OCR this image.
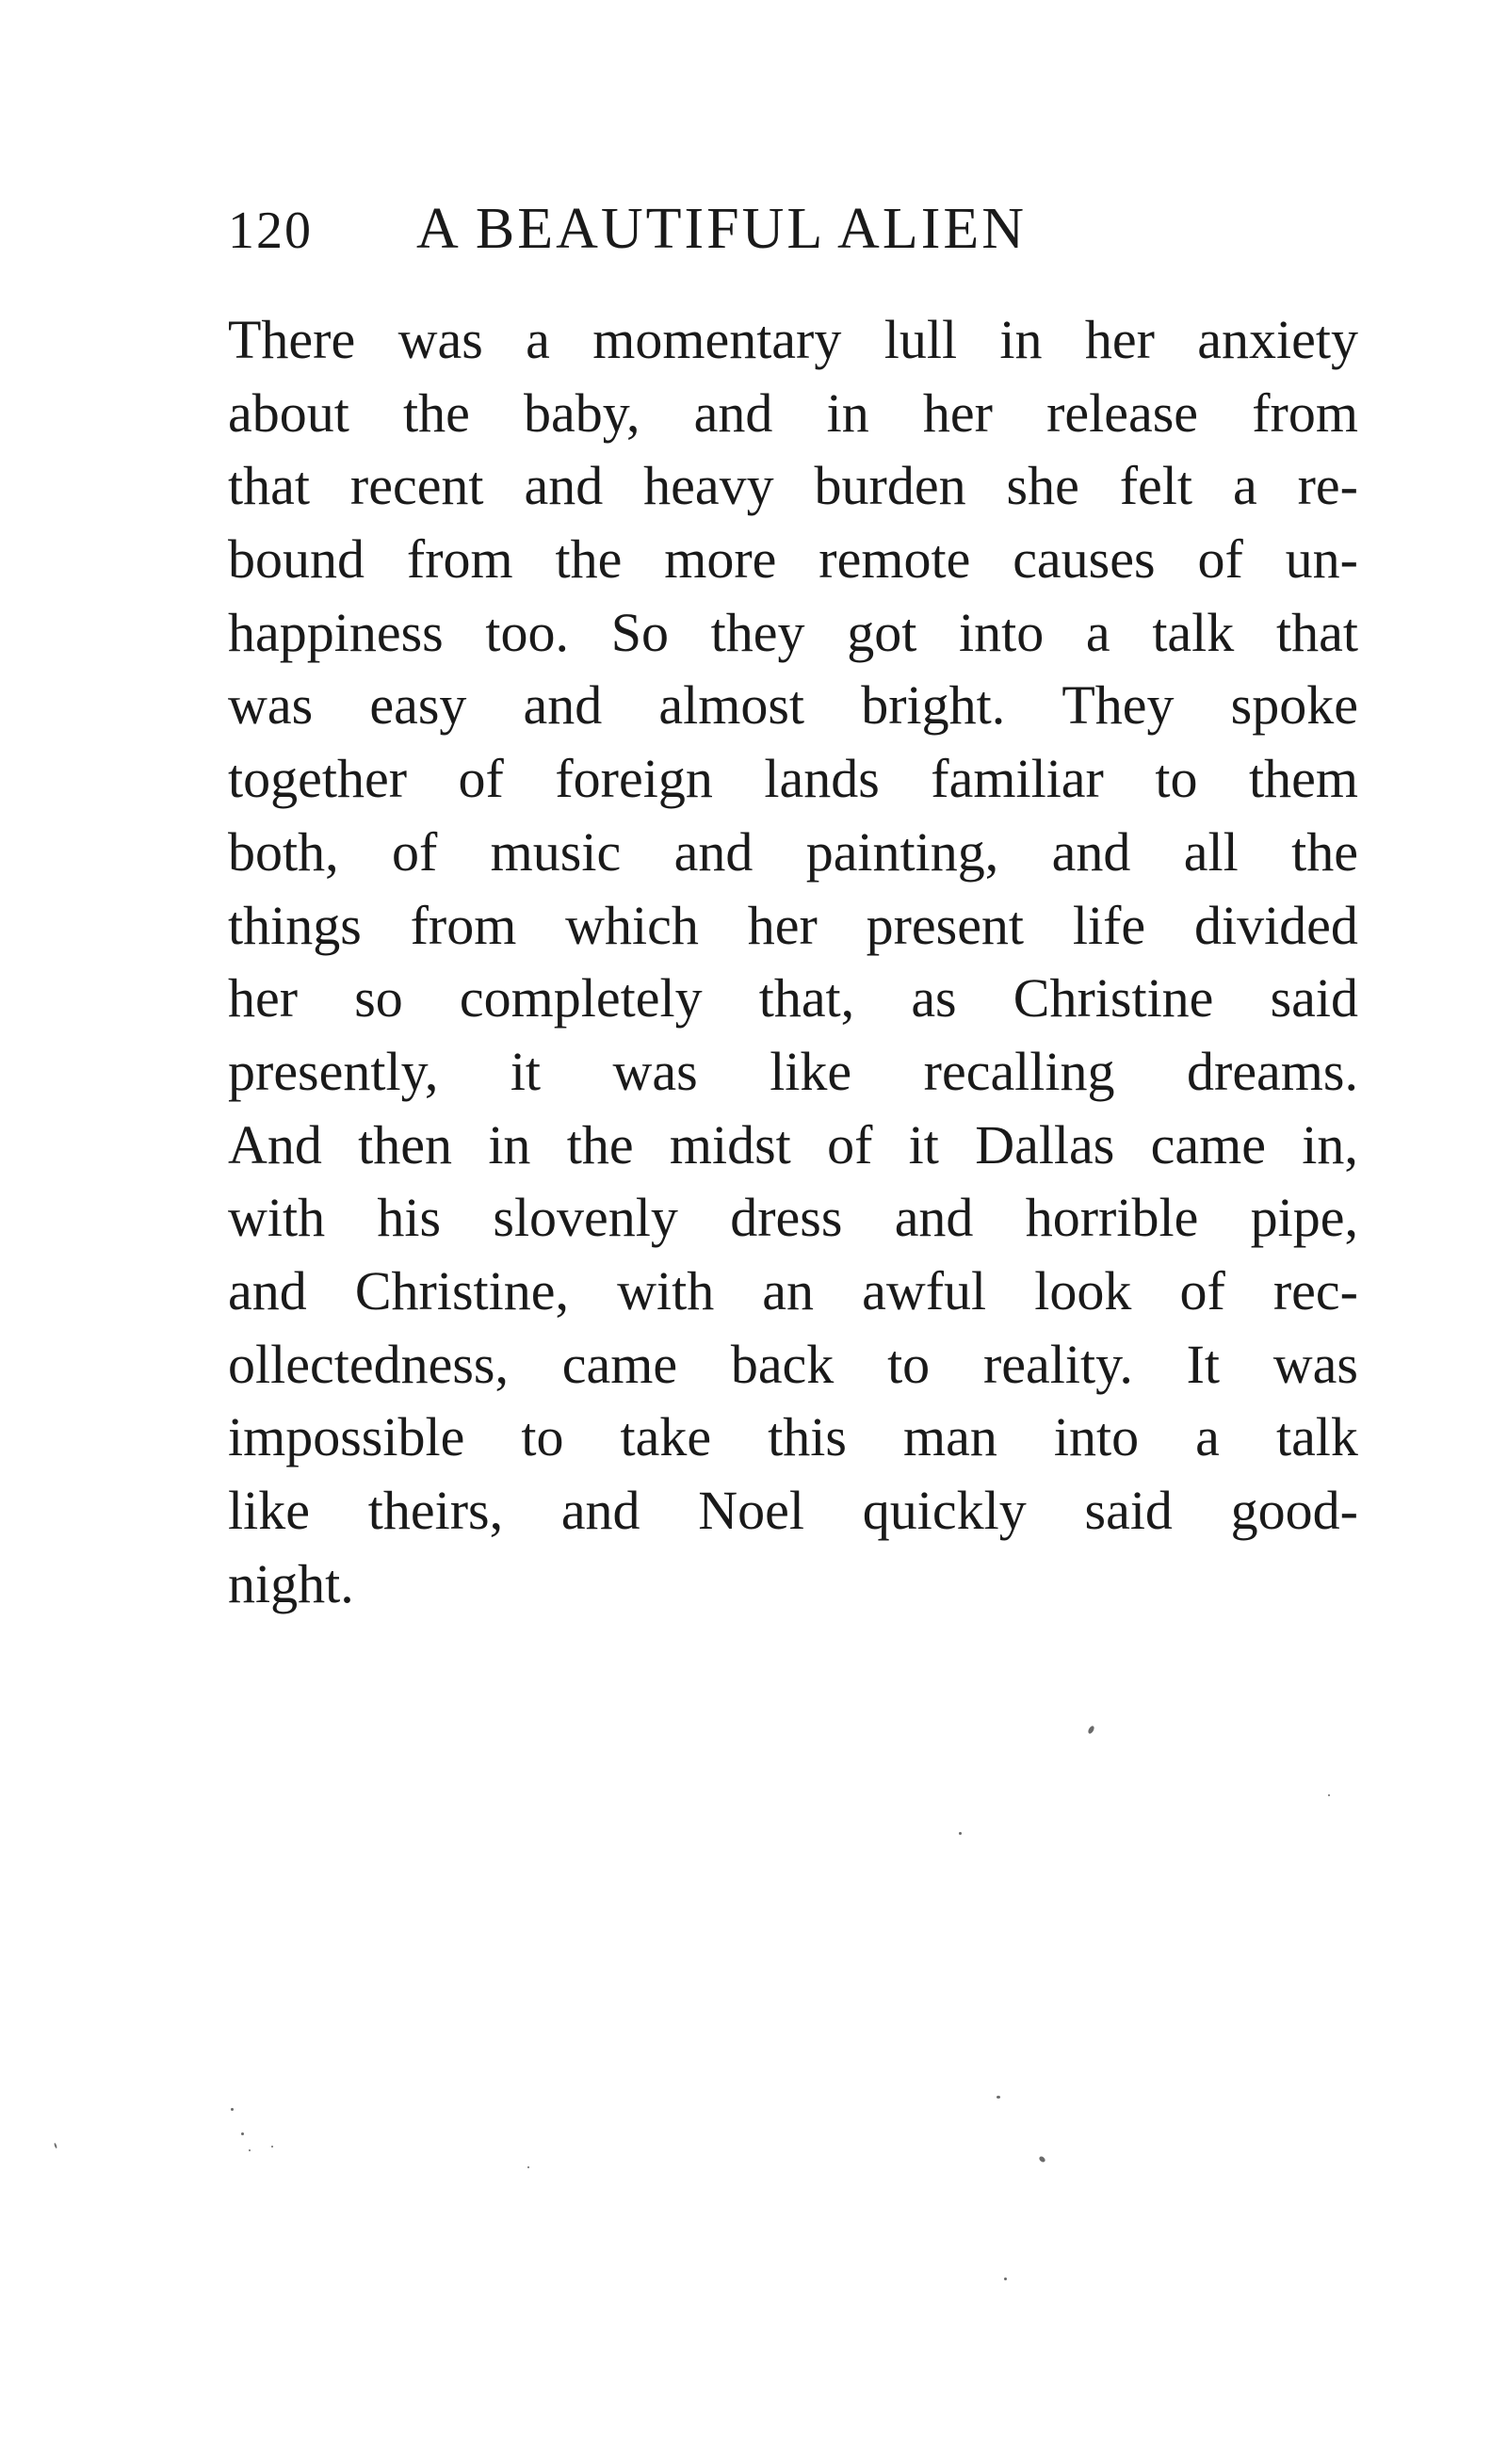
120 A BEAUTIFUL ALIEN
There was a momentary lull in her anxiety
about the baby, and in her release from
that recent and heavy burden she felt a re-
bound from the more remote causes of un-
happiness too. So they got into a talk that
was easy and almost bright. They spoke
together of foreign lands familiar to them
both, of music and painting, and all the
things from which her present life divided
her so completely that, as Christine said
presently, it was like recalling dreams.
And then in the midst of it Dallas came in,
with his slovenly dress and horrible pipe,
and Christine, with an awful look of rec-
ollectedness, came back to reality. It was
impossible to take this man into a talk
like theirs, and Noel quickly said good-
night.
